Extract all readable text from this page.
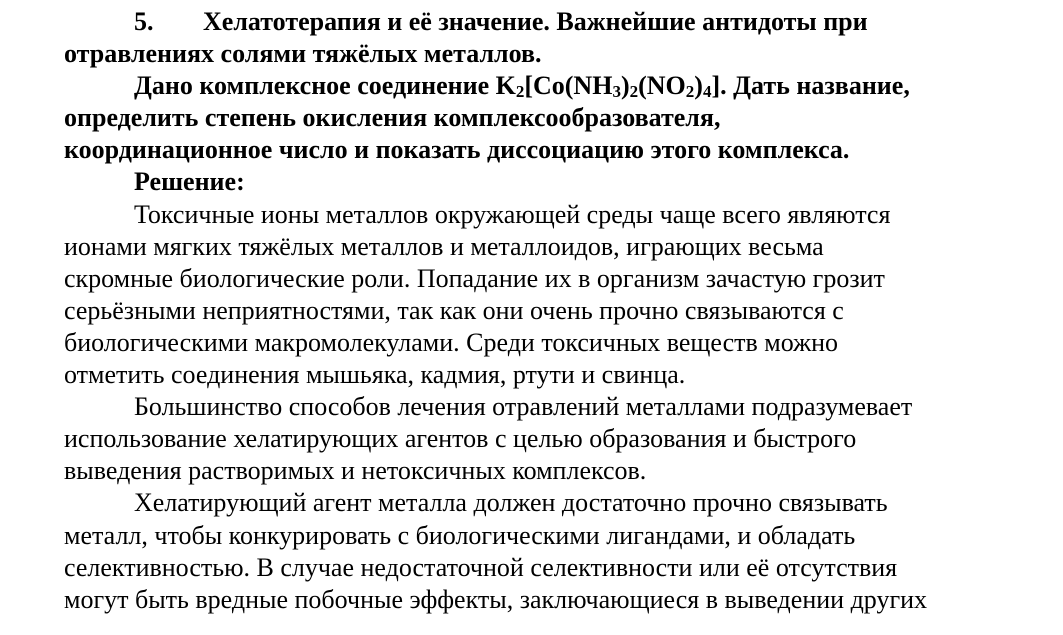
5. Хелатотерапия и её значение. Важнейшие антидоты при
отравлениях солями тяжёлых металлов.
Дано комплексное соединение K2[Co(NH3)2(NO2)4]. Дать название,
определить степень окисления комплексообразователя,
координационное число и показать диссоциацию этого комплекса.
Решение:
Токсичные ионы металлов окружающей среды чаще всего являются
ионами мягких тяжёлых металлов и металлоидов, играющих весьма
скромные биологические роли. Попадание их в организм зачастую грозит
серьёзными неприятностями, так как они очень прочно связываются с
биологическими макромолекулами. Среди токсичных веществ можно
отметить соединения мышьяка, кадмия, ртути и свинца.
Большинство способов лечения отравлений металлами подразумевает
использование хелатирующих агентов с целью образования и быстрого
выведения растворимых и нетоксичных комплексов.
Хелатирующий агент металла должен достаточно прочно связывать
металл, чтобы конкурировать с биологическими лигандами, и обладать
селективностью. В случае недостаточной селективности или её отсутствия
могут быть вредные побочные эффекты, заключающиеся в выведении других
